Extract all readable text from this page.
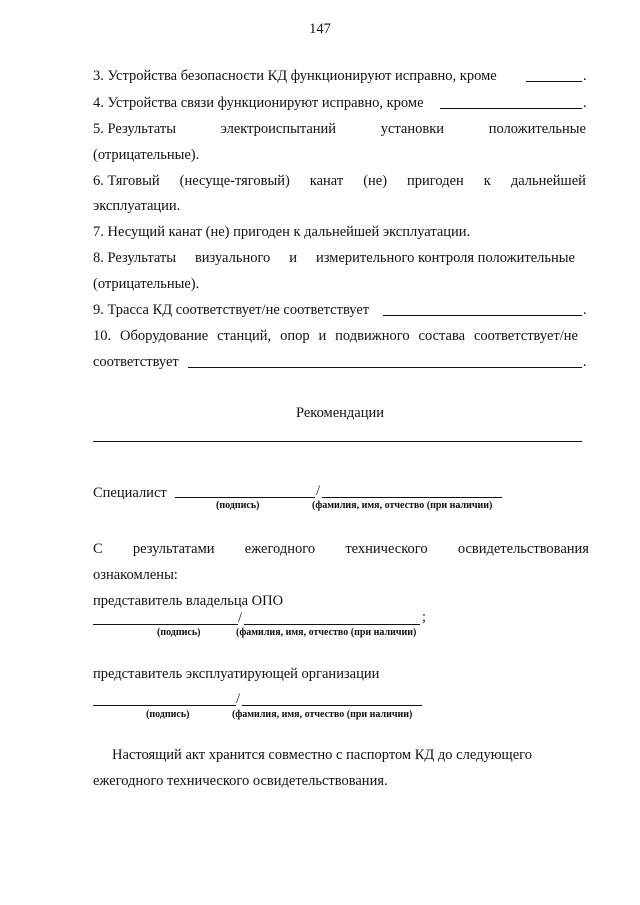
147
3. Устройства безопасности КД функционируют исправно, кроме	.
4. Устройства связи функционируют исправно, кроме	.
5. Результаты	электроиспытаний	установки	положительные
(отрицательные).
6. Тяговый (несуще-тяговый) канат (не) пригоден к дальнейшей
эксплуатации.
7. Несущий канат (не) пригоден к дальнейшей эксплуатации.
8. Результаты визуального и измерительного контроля положительные
(отрицательные).
9. Трасса КД соответствует/не соответствует	.
10. Оборудование станций, опор и подвижного состава соответствует/не
соответствует	.
Рекомендации
Специалист	/
(подпись)	(фамилия, имя, отчество (при наличии)
С результатами ежегодного технического освидетельствования
ознакомлены:
представитель владельца ОПО
/	;
(подпись)	(фамилия, имя, отчество (при наличии)
представитель эксплуатирующей организации
/
(подпись)	(фамилия, имя, отчество (при наличии)
Настоящий акт хранится совместно с паспортом КД до следующего
ежегодного технического освидетельствования.
